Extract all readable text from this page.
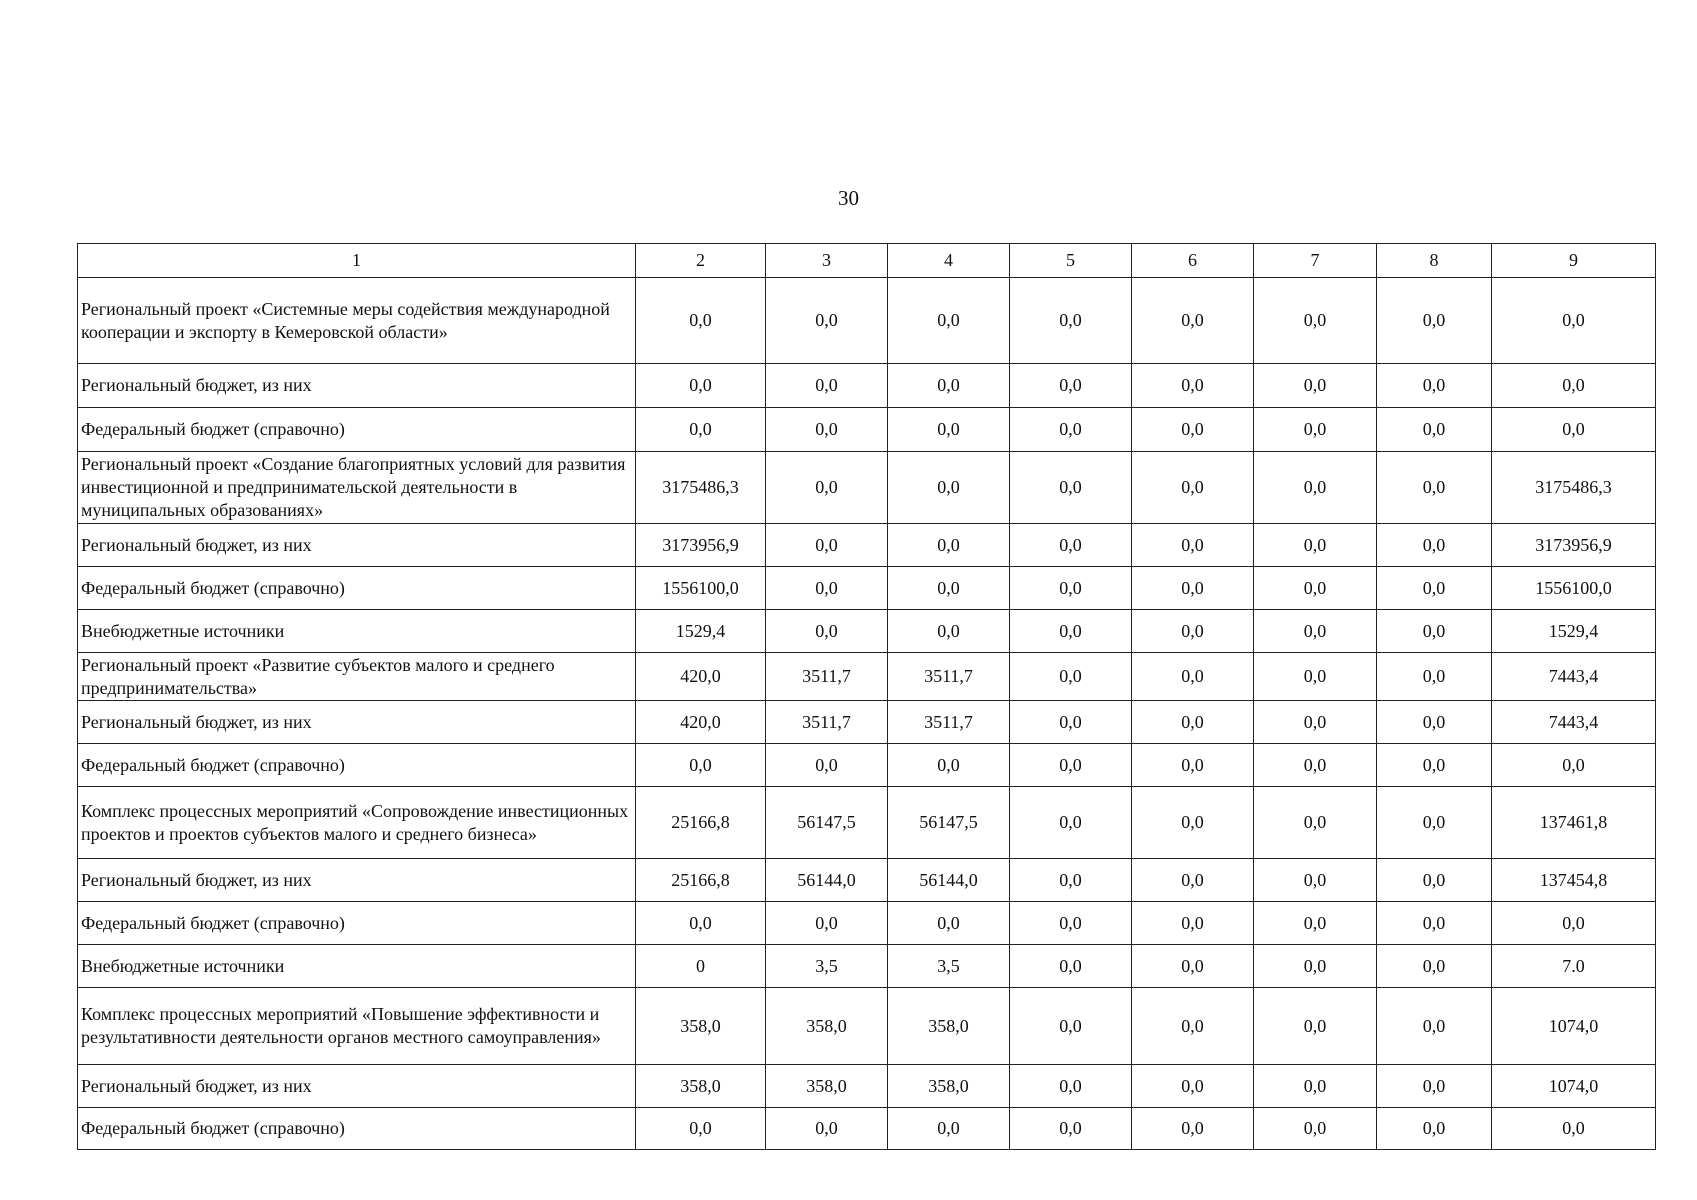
30
1	2	3	4	5	6	7	8	9
Региональный проект «Системные меры содействия международной кооперации и экспорту в Кемеровской области»	0,0	0,0	0,0	0,0	0,0	0,0	0,0	0,0
Региональный бюджет, из них	0,0	0,0	0,0	0,0	0,0	0,0	0,0	0,0
Федеральный бюджет (справочно)	0,0	0,0	0,0	0,0	0,0	0,0	0,0	0,0
Региональный проект «Создание благоприятных условий для развития инвестиционной и предпринимательской деятельности в муниципальных образованиях»	3175486,3	0,0	0,0	0,0	0,0	0,0	0,0	3175486,3
Региональный бюджет, из них	3173956,9	0,0	0,0	0,0	0,0	0,0	0,0	3173956,9
Федеральный бюджет (справочно)	1556100,0	0,0	0,0	0,0	0,0	0,0	0,0	1556100,0
Внебюджетные источники	1529,4	0,0	0,0	0,0	0,0	0,0	0,0	1529,4
Региональный проект «Развитие субъектов малого и среднего предпринимательства»	420,0	3511,7	3511,7	0,0	0,0	0,0	0,0	7443,4
Региональный бюджет, из них	420,0	3511,7	3511,7	0,0	0,0	0,0	0,0	7443,4
Федеральный бюджет (справочно)	0,0	0,0	0,0	0,0	0,0	0,0	0,0	0,0
Комплекс процессных мероприятий «Сопровождение инвестиционных проектов и проектов субъектов малого и среднего бизнеса»	25166,8	56147,5	56147,5	0,0	0,0	0,0	0,0	137461,8
Региональный бюджет, из них	25166,8	56144,0	56144,0	0,0	0,0	0,0	0,0	137454,8
Федеральный бюджет (справочно)	0,0	0,0	0,0	0,0	0,0	0,0	0,0	0,0
Внебюджетные источники	0	3,5	3,5	0,0	0,0	0,0	0,0	7.0
Комплекс процессных мероприятий «Повышение эффективности и результативности деятельности органов местного самоуправления»	358,0	358,0	358,0	0,0	0,0	0,0	0,0	1074,0
Региональный бюджет, из них	358,0	358,0	358,0	0,0	0,0	0,0	0,0	1074,0
Федеральный бюджет (справочно)	0,0	0,0	0,0	0,0	0,0	0,0	0,0	0,0
